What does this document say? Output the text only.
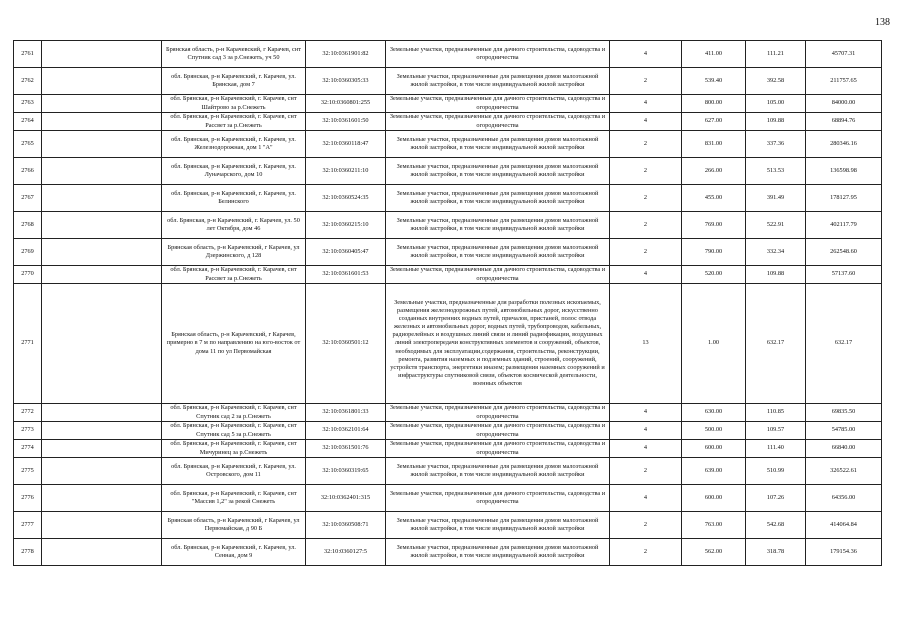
138
2761		Брянская область, р-н Карачевский, г Карачев, снт Спутник сад 3 за р.Снежеть, уч 50	32:10:0361901:82	Земельные участки, предназначенные для дачного строительства, садоводства и огородничества	4	411.00	111.21	45707.31
2762		обл. Брянская, р-н Карачевский, г. Карачев, ул. Брянская, дом 7	32:10:0360305:33	Земельные участки, предназначенные для размещения домов малоэтажной жилой застройки, в том числе индивидуальной жилой застройки	2	539.40	392.58	211757.65
2763		обл. Брянская, р-н Карачевский, г. Карачев, снт Шайтрово за р.Снежеть	32:10:0360801:255	Земельные участки, предназначенные для дачного строительства, садоводства и огородничества	4	800.00	105.00	84000.00
2764		обл. Брянская, р-н Карачевский, г. Карачев, снт Рассвет за р.Снежеть	32:10:0361601:50	Земельные участки, предназначенные для дачного строительства, садоводства и огородничества	4	627.00	109.88	68894.76
2765		обл. Брянская, р-н Карачевский, г. Карачев, ул. Железнодорожная, дом 1 "А"	32:10:0360118:47	Земельные участки, предназначенные для размещения домов малоэтажной жилой застройки, в том числе индивидуальной жилой застройки	2	831.00	337.36	280346.16
2766		обл. Брянская, р-н Карачевский, г. Карачев, ул. Луначарского, дом 10	32:10:0360211:10	Земельные участки, предназначенные для размещения домов малоэтажной жилой застройки, в том числе индивидуальной жилой застройки	2	266.00	513.53	136598.98
2767		обл. Брянская, р-н Карачевский, г. Карачев, ул. Белинского	32:10:0360524:35	Земельные участки, предназначенные для размещения домов малоэтажной жилой застройки, в том числе индивидуальной жилой застройки	2	455.00	391.49	178127.95
2768		обл. Брянская, р-н Карачевский, г. Карачев, ул. 50 лет Октября, дом 46	32:10:0360215:10	Земельные участки, предназначенные для размещения домов малоэтажной жилой застройки, в том числе индивидуальной жилой застройки	2	769.00	522.91	402117.79
2769		Брянская область, р-н Карачевский, г Карачев, ул Дзержинского, д 128	32:10:0360405:47	Земельные участки, предназначенные для размещения домов малоэтажной жилой застройки, в том числе индивидуальной жилой застройки	2	790.00	332.34	262548.60
2770		обл. Брянская, р-н Карачевский, г. Карачев, снт Рассвет за р.Снежеть	32:10:0361601:53	Земельные участки, предназначенные для дачного строительства, садоводства и огородничества	4	520.00	109.88	57137.60
2771		Брянская область, р-н Карачевский, г Карачев, примерно в 7 м по направлению на юго-восток от дома 11 по ул Первомайская	32:10:0360501:12	Земельные участки, предназначенные для разработки полезных ископаемых, размещения железнодорожных путей, автомобильных дорог, искусственно созданных внутренних водных путей, причалов, пристаней, полос отвода железных и автомобильных дорог, водных путей, трубопроводов, кабельных, радиорелейных и воздушных линий связи и линий радиофикации, воздушных линий электропередачи конструктивных элементов и сооружений, объектов, необходимых для эксплуатации,содержания, строительства, реконструкции, ремонта, развития наземных и подземных зданий, строений, сооружений, устройств транспорта, энергетики иназем; размещения наземных сооружений и инфраструктуры спутниковой связи, объектов космической деятельности, военных объектов	13	1.00	632.17	632.17
2772		обл. Брянская, р-н Карачевский, г. Карачев, снт Спутник сад 2 за р.Снежеть	32:10:0361801:33	Земельные участки, предназначенные для дачного строительства, садоводства и огородничества	4	630.00	110.85	69835.50
2773		обл. Брянская, р-н Карачевский, г. Карачев, снт Спутник сад 5 за р.Снежеть	32:10:0362101:64	Земельные участки, предназначенные для дачного строительства, садоводства и огородничества	4	500.00	109.57	54785.00
2774		обл. Брянская, р-н Карачевский, г. Карачев, снт Мичуринец за р.Снежеть	32:10:0361501:76	Земельные участки, предназначенные для дачного строительства, садоводства и огородничества	4	600.00	111.40	66840.00
2775		обл. Брянская, р-н Карачевский, г. Карачев, ул. Островского, дом 11	32:10:0360319:65	Земельные участки, предназначенные для размещения домов малоэтажной жилой застройки, в том числе индивидуальной жилой застройки	2	639.00	510.99	326522.61
2776		обл. Брянская, р-н Карачевский, г. Карачев, снт "Массив 1,2" за рекой Снежеть	32:10:0362401:315	Земельные участки, предназначенные для дачного строительства, садоводства и огородничества	4	600.00	107.26	64356.00
2777		Брянская область, р-н Карачевский, г Карачев, ул Первомайская, д 90 Б	32:10:0360508:71	Земельные участки, предназначенные для размещения домов малоэтажной жилой застройки, в том числе индивидуальной жилой застройки	2	763.00	542.68	414064.84
2778		обл. Брянская, р-н Карачевский, г. Карачев, ул. Сенная, дом 9	32:10:0360127:5	Земельные участки, предназначенные для размещения домов малоэтажной жилой застройки, в том числе индивидуальной жилой застройки	2	562.00	318.78	179154.36
